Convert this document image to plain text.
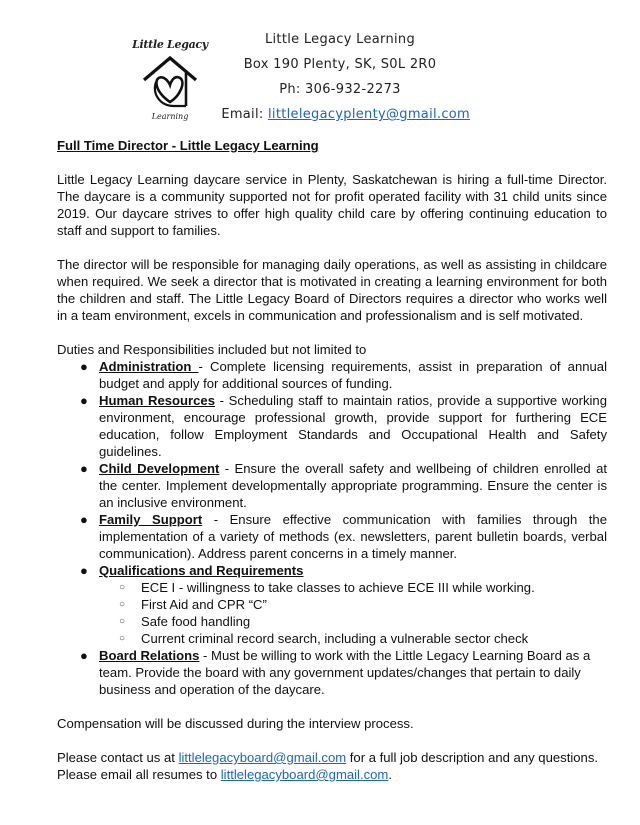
Little Legacy
Learning
Little Legacy Learning
Box 190 Plenty, SK, S0L 2R0
Ph: 306-932-2273
Email: littlelegacyplenty@gmail.com
Full Time Director - Little Legacy Learning

Little Legacy Learning daycare service in Plenty, Saskatchewan is hiring a full-time Director. The daycare is a community supported not for profit operated facility with 31 child units since 2019. Our daycare strives to offer high quality child care by offering continuing education to staff and support to families.

The director will be responsible for managing daily operations, as well as assisting in childcare when required. We seek a director that is motivated in creating a learning environment for both the children and staff. The Little Legacy Board of Directors requires a director who works well in a team environment, excels in communication and professionalism and is self motivated.

Duties and Responsibilities included but not limited to

● Administration - Complete licensing requirements, assist in preparation of annual budget and apply for additional sources of funding.
● Human Resources - Scheduling staff to maintain ratios, provide a supportive working environment, encourage professional growth, provide support for furthering ECE education, follow Employment Standards and Occupational Health and Safety guidelines.
● Child Development - Ensure the overall safety and wellbeing of children enrolled at the center. Implement developmentally appropriate programming. Ensure the center is an inclusive environment.
● Family Support - Ensure effective communication with families through the implementation of a variety of methods (ex. newsletters, parent bulletin boards, verbal communication). Address parent concerns in a timely manner.
● Qualifications and Requirements
○ ECE I - willingness to take classes to achieve ECE III while working.
○ First Aid and CPR “C”
○ Safe food handling
○ Current criminal record search, including a vulnerable sector check
● Board Relations - Must be willing to work with the Little Legacy Learning Board as a team. Provide the board with any government updates/changes that pertain to daily business and operation of the daycare.

Compensation will be discussed during the interview process.

Please contact us at littlelegacyboard@gmail.com for a full job description and any questions.
Please email all resumes to littlelegacyboard@gmail.com.
